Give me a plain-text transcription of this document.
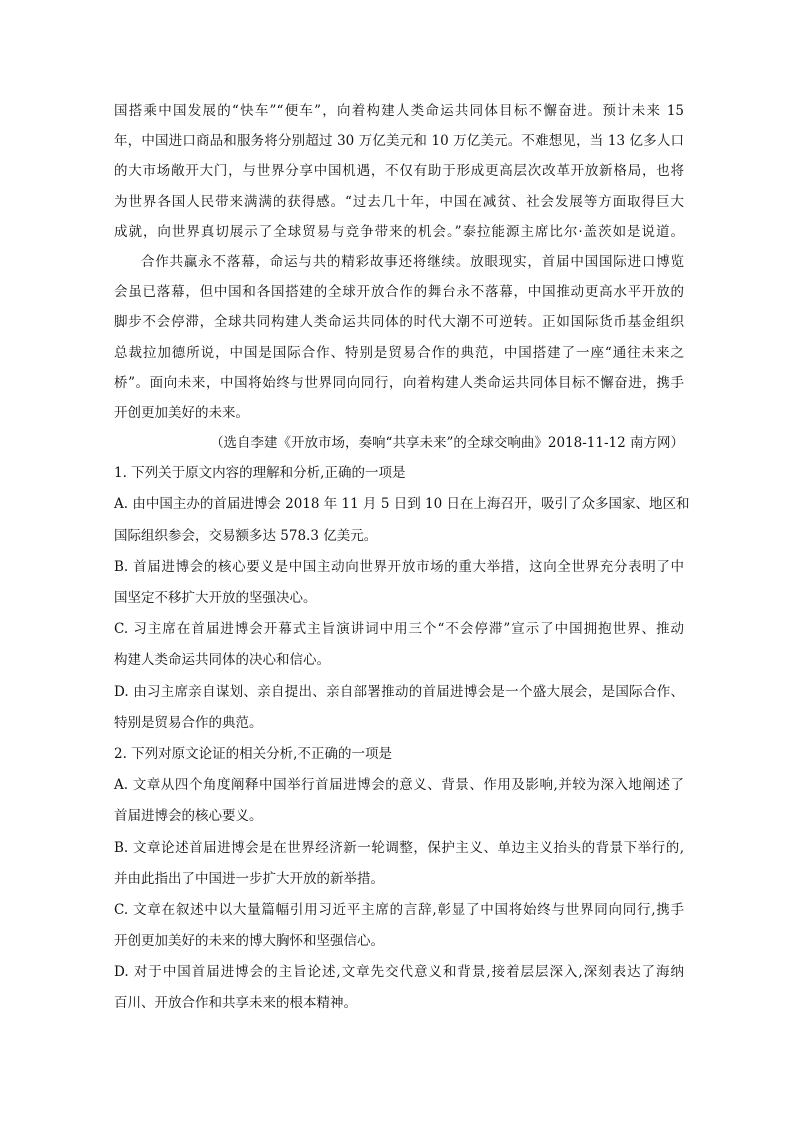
国搭乘中国发展的“快车”“便车”，向着构建人类命运共同体目标不懈奋进。预计未来 15
年，中国进口商品和服务将分别超过 30 万亿美元和 10 万亿美元。不难想见，当 13 亿多人口
的大市场敞开大门，与世界分享中国机遇，不仅有助于形成更高层次改革开放新格局，也将
为世界各国人民带来满满的获得感。“过去几十年，中国在减贫、社会发展等方面取得巨大
成就，向世界真切展示了全球贸易与竞争带来的机会。”泰拉能源主席比尔·盖茨如是说道。
合作共赢永不落幕，命运与共的精彩故事还将继续。放眼现实，首届中国国际进口博览
会虽已落幕，但中国和各国搭建的全球开放合作的舞台永不落幕，中国推动更高水平开放的
脚步不会停滞，全球共同构建人类命运共同体的时代大潮不可逆转。正如国际货币基金组织
总裁拉加德所说，中国是国际合作、特别是贸易合作的典范，中国搭建了一座“通往未来之
桥”。面向未来，中国将始终与世界同向同行，向着构建人类命运共同体目标不懈奋进，携手
开创更加美好的未来。
（选自李建《开放市场，奏响“共享未来”的全球交响曲》2018-11-12 南方网）
1. 下列关于原文内容的理解和分析,正确的一项是
A. 由中国主办的首届进博会 2018 年 11 月 5 日到 10 日在上海召开，吸引了众多国家、地区和
国际组织参会，交易额多达 578.3 亿美元。
B. 首届进博会的核心要义是中国主动向世界开放市场的重大举措，这向全世界充分表明了中
国坚定不移扩大开放的坚强决心。
C. 习主席在首届进博会开幕式主旨演讲词中用三个“不会停滞”宣示了中国拥抱世界、推动
构建人类命运共同体的决心和信心。
D. 由习主席亲自谋划、亲自提出、亲自部署推动的首届进博会是一个盛大展会，是国际合作、
特别是贸易合作的典范。
2. 下列对原文论证的相关分析,不正确的一项是
A. 文章从四个角度阐释中国举行首届进博会的意义、背景、作用及影响,并较为深入地阐述了
首届进博会的核心要义。
B. 文章论述首届进博会是在世界经济新一轮调整，保护主义、单边主义抬头的背景下举行的,
并由此指出了中国进一步扩大开放的新举措。
C. 文章在叙述中以大量篇幅引用习近平主席的言辞,彰显了中国将始终与世界同向同行,携手
开创更加美好的未来的博大胸怀和坚强信心。
D. 对于中国首届进博会的主旨论述,文章先交代意义和背景,接着层层深入,深刻表达了海纳
百川、开放合作和共享未来的根本精神。
